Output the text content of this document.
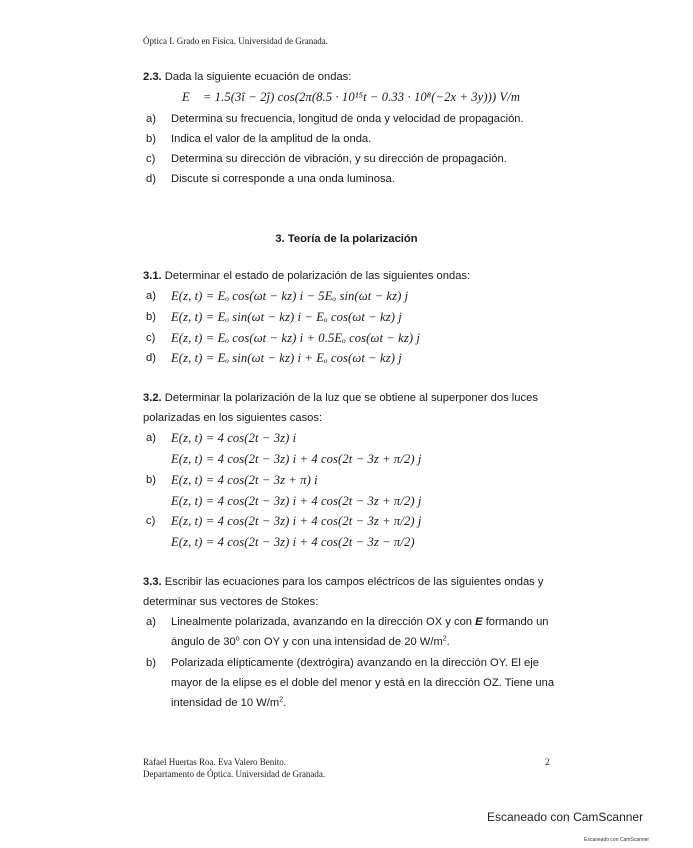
Óptica I. Grado en Física. Universidad de Granada.
2.3. Dada la siguiente ecuación de ondas:
E⃗ = 1.5(3î − 2ĵ) cos(2π(8.5 · 10¹⁵t − 0.33 · 10⁸(−2x + 3y))) V/m
a) Determina su frecuencia, longitud de onda y velocidad de propagación.
b) Indica el valor de la amplitud de la onda.
c) Determina su dirección de vibración, y su dirección de propagación.
d) Discute si corresponde a una onda luminosa.
3. Teoría de la polarización
3.1. Determinar el estado de polarización de las siguientes ondas:
a) E(z, t) = Eₒ cos(ωt − kz) i − 5Eₒ sin(ωt − kz) j
b) E(z, t) = Eₒ sin(ωt − kz) i − Eₒ cos(ωt − kz) j
c) E(z, t) = Eₒ cos(ωt − kz) i + 0.5Eₒ cos(ωt − kz) j
d) E(z, t) = Eₒ sin(ωt − kz) i + Eₒ cos(ωt − kz) j
3.2. Determinar la polarización de la luz que se obtiene al superponer dos luces
polarizadas en los siguientes casos:
a) E(z, t) = 4 cos(2t − 3z) i
E(z, t) = 4 cos(2t − 3z) i + 4 cos(2t − 3z + π/2) j
b) E(z, t) = 4 cos(2t − 3z + π) i
E(z, t) = 4 cos(2t − 3z) i + 4 cos(2t − 3z + π/2) j
c) E(z, t) = 4 cos(2t − 3z) i + 4 cos(2t − 3z + π/2) j
E(z, t) = 4 cos(2t − 3z) i + 4 cos(2t − 3z − π/2)
3.3. Escribir las ecuaciones para los campos eléctricos de las siguientes ondas y
determinar sus vectores de Stokes:
a) Linealmente polarizada, avanzando en la dirección OX y con E formando un
ángulo de 30$^o$ con OY y con una intensidad de 20 $W/m^2$.
b) Polarizada elípticamente (dextrógira) avanzando en la dirección OY. El eje
mayor de la elipse es el doble del menor y está en la dirección OZ. Tiene una
intensidad de 10 $W/m^2$.
Rafael Huertas Roa. Eva Valero Benito.
Departamento de Óptica. Universidad de Granada.
2
Escaneado con CamScanner
Escaneado con CamScanner
